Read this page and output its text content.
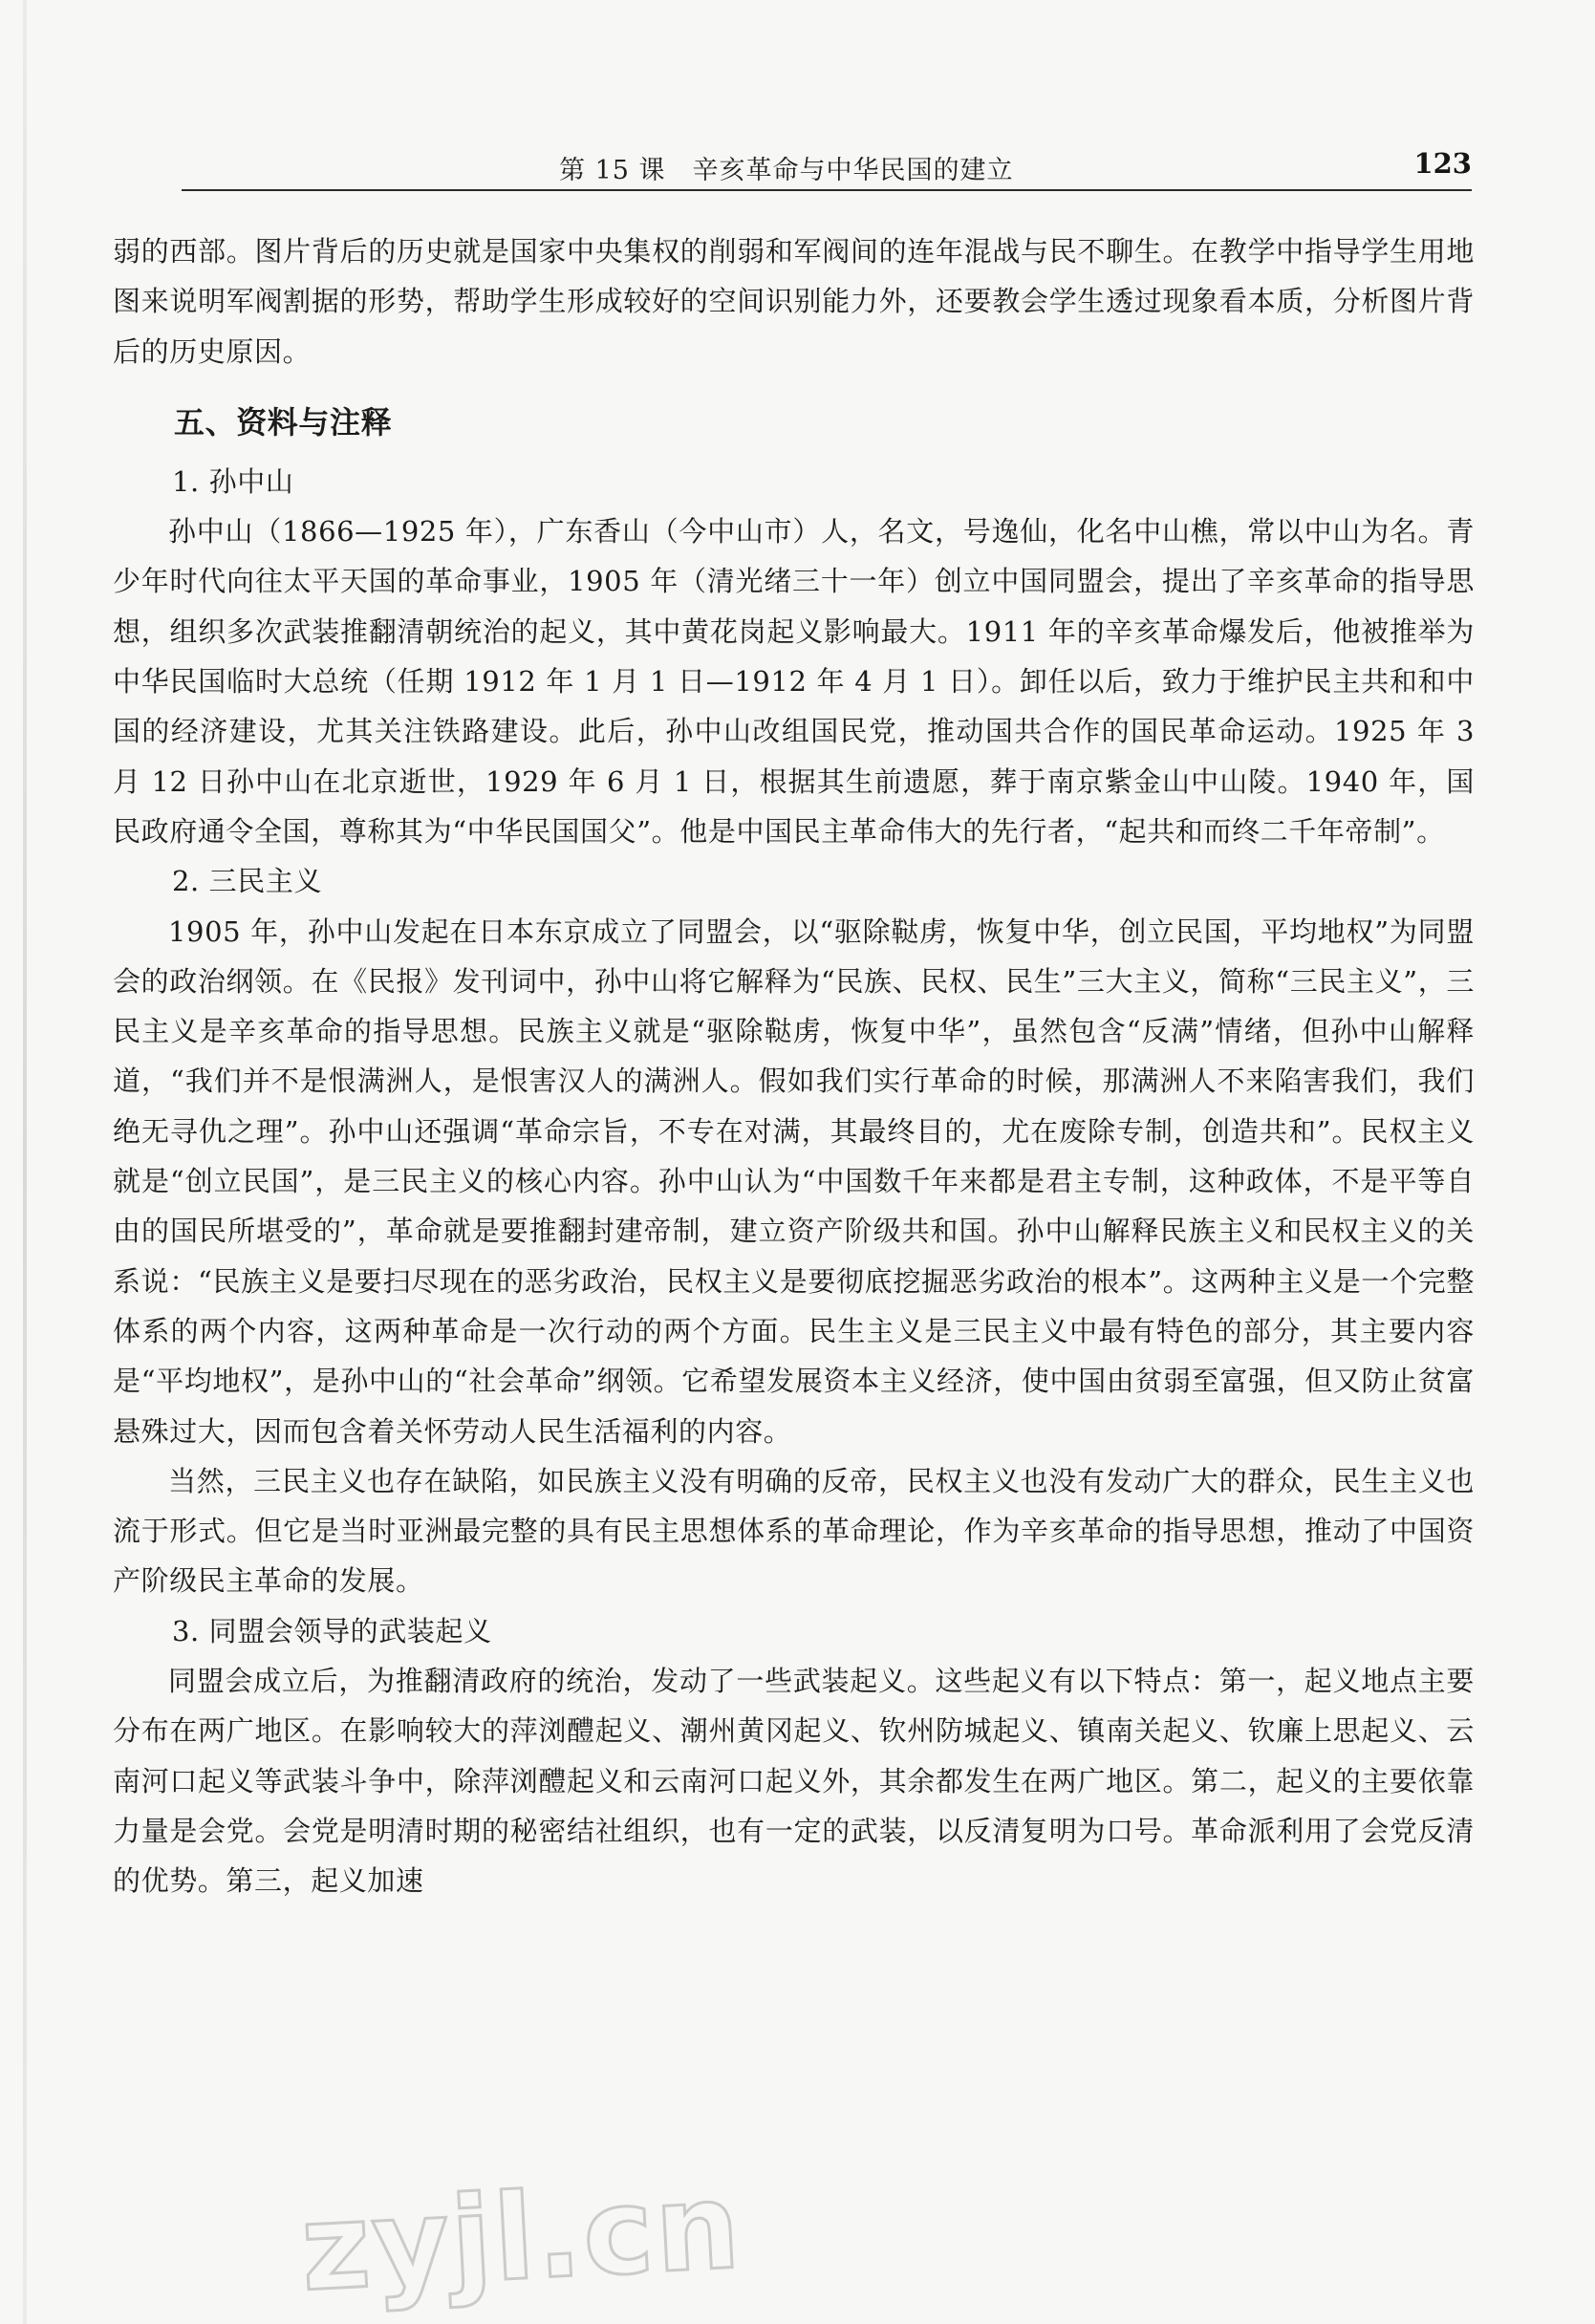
第 15 课　辛亥革命与中华民国的建立	123

弱的西部。图片背后的历史就是国家中央集权的削弱和军阀间的连年混战与民不聊生。在教学中指导学生用地图来说明军阀割据的形势，帮助学生形成较好的空间识别能力外，还要教会学生透过现象看本质，分析图片背后的历史原因。

五、资料与注释

1. 孙中山

孙中山（1866—1925 年），广东香山（今中山市）人，名文，号逸仙，化名中山樵，常以中山为名。青少年时代向往太平天国的革命事业，1905 年（清光绪三十一年）创立中国同盟会，提出了辛亥革命的指导思想，组织多次武装推翻清朝统治的起义，其中黄花岗起义影响最大。1911 年的辛亥革命爆发后，他被推举为中华民国临时大总统（任期 1912 年 1 月 1 日—1912 年 4 月 1 日）。卸任以后，致力于维护民主共和和中国的经济建设，尤其关注铁路建设。此后，孙中山改组国民党，推动国共合作的国民革命运动。1925 年 3 月 12 日孙中山在北京逝世，1929 年 6 月 1 日，根据其生前遗愿，葬于南京紫金山中山陵。1940 年，国民政府通令全国，尊称其为“中华民国国父”。他是中国民主革命伟大的先行者，“起共和而终二千年帝制”。

2. 三民主义

1905 年，孙中山发起在日本东京成立了同盟会，以“驱除鞑虏，恢复中华，创立民国，平均地权”为同盟会的政治纲领。在《民报》发刊词中，孙中山将它解释为“民族、民权、民生”三大主义，简称“三民主义”，三民主义是辛亥革命的指导思想。民族主义就是“驱除鞑虏，恢复中华”，虽然包含“反满”情绪，但孙中山解释道，“我们并不是恨满洲人，是恨害汉人的满洲人。假如我们实行革命的时候，那满洲人不来陷害我们，我们绝无寻仇之理”。孙中山还强调“革命宗旨，不专在对满，其最终目的，尤在废除专制，创造共和”。民权主义就是“创立民国”，是三民主义的核心内容。孙中山认为“中国数千年来都是君主专制，这种政体，不是平等自由的国民所堪受的”，革命就是要推翻封建帝制，建立资产阶级共和国。孙中山解释民族主义和民权主义的关系说：“民族主义是要扫尽现在的恶劣政治，民权主义是要彻底挖掘恶劣政治的根本”。这两种主义是一个完整体系的两个内容，这两种革命是一次行动的两个方面。民生主义是三民主义中最有特色的部分，其主要内容是“平均地权”，是孙中山的“社会革命”纲领。它希望发展资本主义经济，使中国由贫弱至富强，但又防止贫富悬殊过大，因而包含着关怀劳动人民生活福利的内容。

当然，三民主义也存在缺陷，如民族主义没有明确的反帝，民权主义也没有发动广大的群众，民生主义也流于形式。但它是当时亚洲最完整的具有民主思想体系的革命理论，作为辛亥革命的指导思想，推动了中国资产阶级民主革命的发展。

3. 同盟会领导的武装起义

同盟会成立后，为推翻清政府的统治，发动了一些武装起义。这些起义有以下特点：第一，起义地点主要分布在两广地区。在影响较大的萍浏醴起义、潮州黄冈起义、钦州防城起义、镇南关起义、钦廉上思起义、云南河口起义等武装斗争中，除萍浏醴起义和云南河口起义外，其余都发生在两广地区。第二，起义的主要依靠力量是会党。会党是明清时期的秘密结社组织，也有一定的武装，以反清复明为口号。革命派利用了会党反清的优势。第三，起义加速

zyjl.cn
